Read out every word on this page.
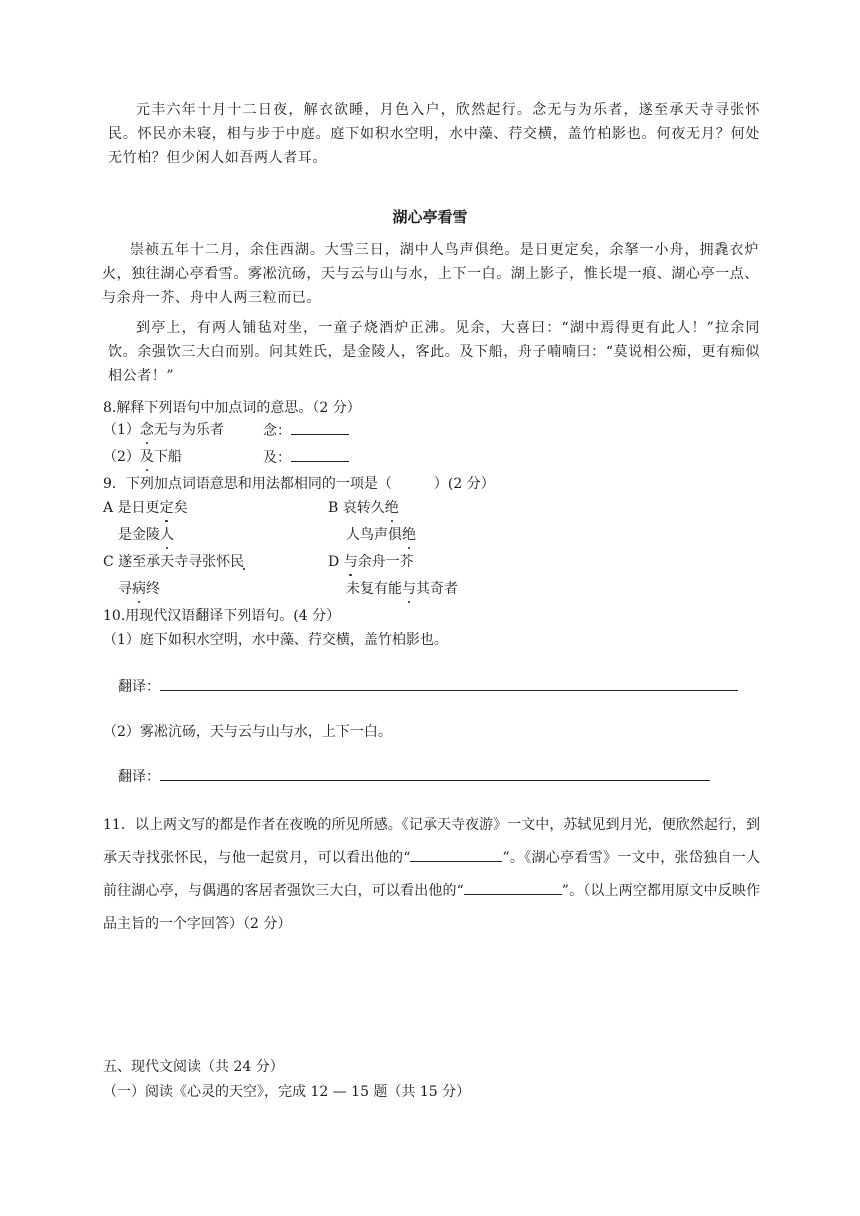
元丰六年十月十二日夜，解衣欲睡，月色入户，欣然起行。念无与为乐者，遂至承天寺寻张怀民。怀民亦未寝，相与步于中庭。庭下如积水空明，水中藻、荇交横，盖竹柏影也。何夜无月？何处无竹柏？但少闲人如吾两人者耳。

湖心亭看雪

崇祯五年十二月，余住西湖。大雪三日，湖中人鸟声俱绝。是日更定矣，余拏一小舟，拥毳衣炉火，独往湖心亭看雪。雾凇沆砀，天与云与山与水，上下一白。湖上影子，惟长堤一痕、湖心亭一点、与余舟一芥、舟中人两三粒而已。

到亭上，有两人铺毡对坐，一童子烧酒炉正沸。见余，大喜曰：“湖中焉得更有此人！”拉余同饮。余强饮三大白而别。问其姓氏，是金陵人，客此。及下船，舟子喃喃曰：“莫说相公痴，更有痴似相公者！”

8.解释下列语句中加点词的意思。（2 分）
（1）念无与为乐者	念：
（2）及下船	及：
9．下列加点词语意思和用法都相同的一项是（　　　）(2 分）
A 是日更定矣	B 哀转久绝
是金陵人	人鸟声俱绝
C 遂至承天寺寻张怀民	D 与余舟一芥
寻病终	未复有能与其奇者
10.用现代汉语翻译下列语句。(4 分）
（1）庭下如积水空明，水中藻、荇交横，盖竹柏影也。
翻译：
（2）雾凇沆砀，天与云与山与水，上下一白。
翻译：

11．以上两文写的都是作者在夜晚的所见所感。《记承天寺夜游》一文中，苏轼见到月光，便欣然起行，到承天寺找张怀民，与他一起赏月，可以看出他的“	”。《湖心亭看雪》一文中，张岱独自一人前往湖心亭，与偶遇的客居者强饮三大白，可以看出他的“	”。（以上两空都用原文中反映作品主旨的一个字回答）（2 分）

五、现代文阅读（共 24 分）
（一）阅读《心灵的天空》，完成 12 — 15 题（共 15 分）
